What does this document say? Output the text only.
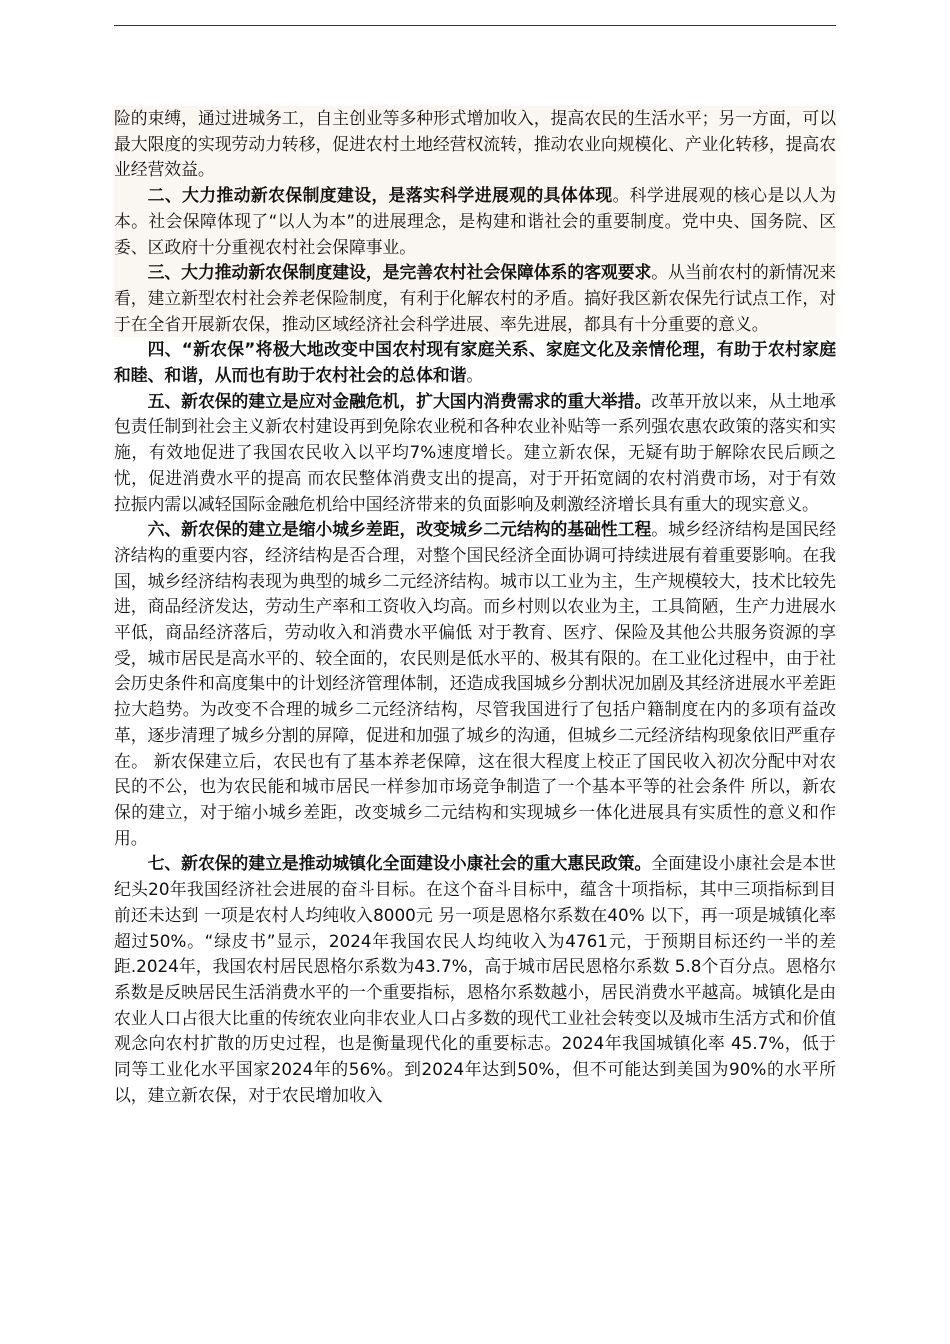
险的束缚，通过进城务工，自主创业等多种形式增加收入，提高农民的生活水平；另一方面，可以最大限度的实现劳动力转移，促进农村土地经营权流转，推动农业向规模化、产业化转移，提高农业经营效益。

二、大力推动新农保制度建设，是落实科学进展观的具体体现。科学进展观的核心是以人为本。社会保障体现了“以人为本”的进展理念，是构建和谐社会的重要制度。党中央、国务院、区委、区政府十分重视农村社会保障事业。

三、大力推动新农保制度建设，是完善农村社会保障体系的客观要求。从当前农村的新情况来看，建立新型农村社会养老保险制度，有利于化解农村的矛盾。搞好我区新农保先行试点工作，对于在全省开展新农保，推动区域经济社会科学进展、率先进展，都具有十分重要的意义。

四、“新农保”将极大地改变中国农村现有家庭关系、家庭文化及亲情伦理，有助于农村家庭和睦、和谐，从而也有助于农村社会的总体和谐。

五、新农保的建立是应对金融危机，扩大国内消费需求的重大举措。改革开放以来，从土地承包责任制到社会主义新农村建设再到免除农业税和各种农业补贴等一系列强农惠农政策的落实和实施，有效地促进了我国农民收入以平均7%速度增长。建立新农保，无疑有助于解除农民后顾之忧，促进消费水平的提高 而农民整体消费支出的提高，对于开拓宽阔的农村消费市场，对于有效拉振内需以减轻国际金融危机给中国经济带来的负面影响及刺激经济增长具有重大的现实意义。

六、新农保的建立是缩小城乡差距，改变城乡二元结构的基础性工程。城乡经济结构是国民经济结构的重要内容，经济结构是否合理，对整个国民经济全面协调可持续进展有着重要影响。在我国，城乡经济结构表现为典型的城乡二元经济结构。城市以工业为主，生产规模较大，技术比较先进，商品经济发达，劳动生产率和工资收入均高。而乡村则以农业为主，工具简陋，生产力进展水平低，商品经济落后，劳动收入和消费水平偏低 对于教育、医疗、保险及其他公共服务资源的享受，城市居民是高水平的、较全面的，农民则是低水平的、极其有限的。在工业化过程中，由于社会历史条件和高度集中的计划经济管理体制，还造成我国城乡分割状况加剧及其经济进展水平差距拉大趋势。为改变不合理的城乡二元经济结构，尽管我国进行了包括户籍制度在内的多项有益改革，逐步清理了城乡分割的屏障，促进和加强了城乡的沟通，但城乡二元经济结构现象依旧严重存在。 新农保建立后，农民也有了基本养老保障，这在很大程度上校正了国民收入初次分配中对农民的不公，也为农民能和城市居民一样参加市场竞争制造了一个基本平等的社会条件 所以，新农保的建立，对于缩小城乡差距，改变城乡二元结构和实现城乡一体化进展具有实质性的意义和作用。

七、新农保的建立是推动城镇化全面建设小康社会的重大惠民政策。全面建设小康社会是本世纪头20年我国经济社会进展的奋斗目标。在这个奋斗目标中，蕴含十项指标，其中三项指标到目前还未达到 一项是农村人均纯收入8000元 另一项是恩格尔系数在40% 以下，再一项是城镇化率超过50%。“绿皮书”显示，2024年我国农民人均纯收入为4761元，于预期目标还约一半的差距.2024年，我国农村居民恩格尔系数为43.7%，高于城市居民恩格尔系数 5.8个百分点。恩格尔系数是反映居民生活消费水平的一个重要指标，恩格尔系数越小，居民消费水平越高。城镇化是由农业人口占很大比重的传统农业向非农业人口占多数的现代工业社会转变以及城市生活方式和价值观念向农村扩散的历史过程，也是衡量现代化的重要标志。2024年我国城镇化率 45.7%，低于同等工业化水平国家2024年的56%。到2024年达到50%，但不可能达到美国为90%的水平所以，建立新农保，对于农民增加收入
